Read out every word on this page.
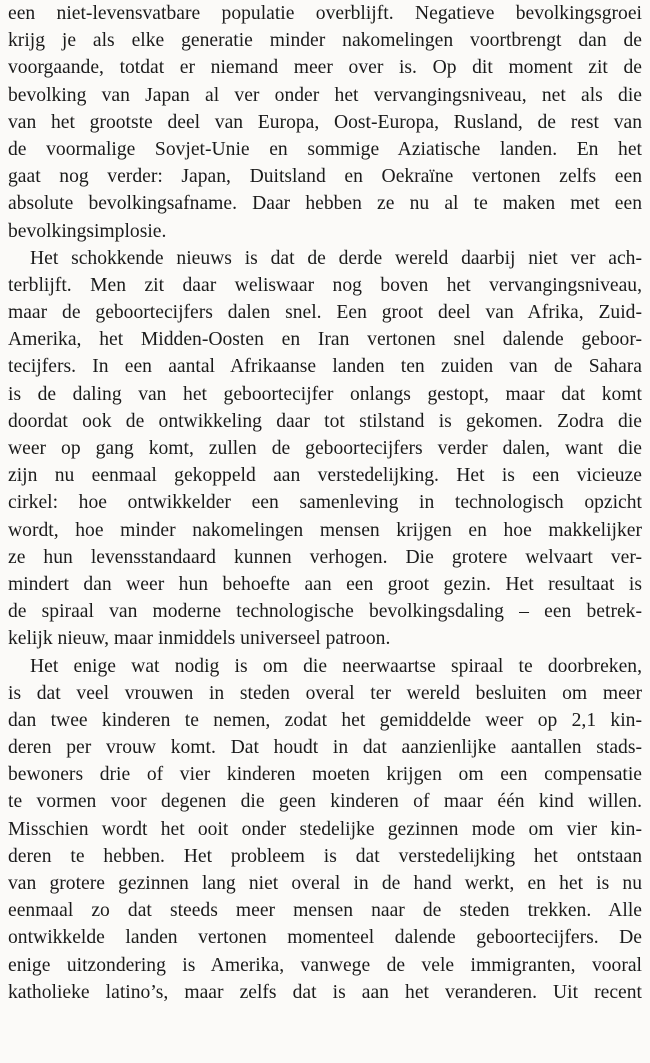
een niet-levensvatbare populatie overblijft. Negatieve bevolkingsgroei
krijg je als elke generatie minder nakomelingen voortbrengt dan de
voorgaande, totdat er niemand meer over is. Op dit moment zit de
bevolking van Japan al ver onder het vervangingsniveau, net als die
van het grootste deel van Europa, Oost-Europa, Rusland, de rest van
de voormalige Sovjet-Unie en sommige Aziatische landen. En het
gaat nog verder: Japan, Duitsland en Oekraïne vertonen zelfs een
absolute bevolkingsafname. Daar hebben ze nu al te maken met een
bevolkingsimplosie.
Het schokkende nieuws is dat de derde wereld daarbij niet ver ach-
terblijft. Men zit daar weliswaar nog boven het vervangingsniveau,
maar de geboortecijfers dalen snel. Een groot deel van Afrika, Zuid-
Amerika, het Midden-Oosten en Iran vertonen snel dalende geboor-
tecijfers. In een aantal Afrikaanse landen ten zuiden van de Sahara
is de daling van het geboortecijfer onlangs gestopt, maar dat komt
doordat ook de ontwikkeling daar tot stilstand is gekomen. Zodra die
weer op gang komt, zullen de geboortecijfers verder dalen, want die
zijn nu eenmaal gekoppeld aan verstedelijking. Het is een vicieuze
cirkel: hoe ontwikkelder een samenleving in technologisch opzicht
wordt, hoe minder nakomelingen mensen krijgen en hoe makkelijker
ze hun levensstandaard kunnen verhogen. Die grotere welvaart ver-
mindert dan weer hun behoefte aan een groot gezin. Het resultaat is
de spiraal van moderne technologische bevolkingsdaling – een betrek-
kelijk nieuw, maar inmiddels universeel patroon.
Het enige wat nodig is om die neerwaartse spiraal te doorbreken,
is dat veel vrouwen in steden overal ter wereld besluiten om meer
dan twee kinderen te nemen, zodat het gemiddelde weer op 2,1 kin-
deren per vrouw komt. Dat houdt in dat aanzienlijke aantallen stads-
bewoners drie of vier kinderen moeten krijgen om een compensatie
te vormen voor degenen die geen kinderen of maar één kind willen.
Misschien wordt het ooit onder stedelijke gezinnen mode om vier kin-
deren te hebben. Het probleem is dat verstedelijking het ontstaan
van grotere gezinnen lang niet overal in de hand werkt, en het is nu
eenmaal zo dat steeds meer mensen naar de steden trekken. Alle
ontwikkelde landen vertonen momenteel dalende geboortecijfers. De
enige uitzondering is Amerika, vanwege de vele immigranten, vooral
katholieke latino’s, maar zelfs dat is aan het veranderen. Uit recent
